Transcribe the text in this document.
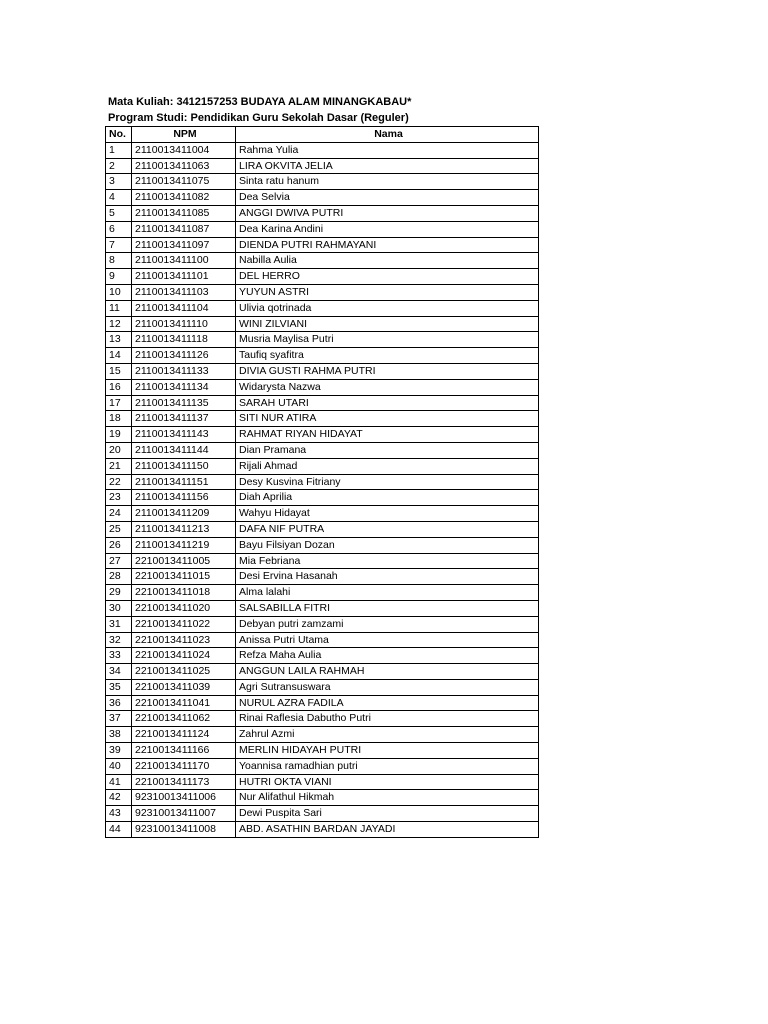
Mata Kuliah: 3412157253 BUDAYA ALAM MINANGKABAU*
Program Studi: Pendidikan Guru Sekolah Dasar (Reguler)
No.	NPM	Nama
1	2110013411004	Rahma Yulia
2	2110013411063	LIRA OKVITA JELIA
3	2110013411075	Sinta ratu hanum
4	2110013411082	Dea Selvia
5	2110013411085	ANGGI DWIVA PUTRI
6	2110013411087	Dea Karina Andini
7	2110013411097	DIENDA PUTRI RAHMAYANI
8	2110013411100	Nabilla Aulia
9	2110013411101	DEL HERRO
10	2110013411103	YUYUN ASTRI
11	2110013411104	Ulivia qotrinada
12	2110013411110	WINI ZILVIANI
13	2110013411118	Musria Maylisa Putri
14	2110013411126	Taufiq syafitra
15	2110013411133	DIVIA GUSTI RAHMA PUTRI
16	2110013411134	Widarysta Nazwa
17	2110013411135	SARAH UTARI
18	2110013411137	SITI NUR ATIRA
19	2110013411143	RAHMAT RIYAN HIDAYAT
20	2110013411144	Dian Pramana
21	2110013411150	Rijali Ahmad
22	2110013411151	Desy Kusvina Fitriany
23	2110013411156	Diah Aprilia
24	2110013411209	Wahyu Hidayat
25	2110013411213	DAFA NIF PUTRA
26	2110013411219	Bayu Filsiyan Dozan
27	2210013411005	Mia Febriana
28	2210013411015	Desi Ervina Hasanah
29	2210013411018	Alma lalahi
30	2210013411020	SALSABILLA FITRI
31	2210013411022	Debyan putri zamzami
32	2210013411023	Anissa Putri Utama
33	2210013411024	Refza Maha Aulia
34	2210013411025	ANGGUN LAILA RAHMAH
35	2210013411039	Agri Sutransuswara
36	2210013411041	NURUL AZRA FADILA
37	2210013411062	Rinai Raflesia Dabutho Putri
38	2210013411124	Zahrul Azmi
39	2210013411166	MERLIN HIDAYAH PUTRI
40	2210013411170	Yoannisa ramadhian putri
41	2210013411173	HUTRI OKTA VIANI
42	92310013411006	Nur Alifathul Hikmah
43	92310013411007	Dewi Puspita Sari
44	92310013411008	ABD. ASATHIN BARDAN JAYADI
